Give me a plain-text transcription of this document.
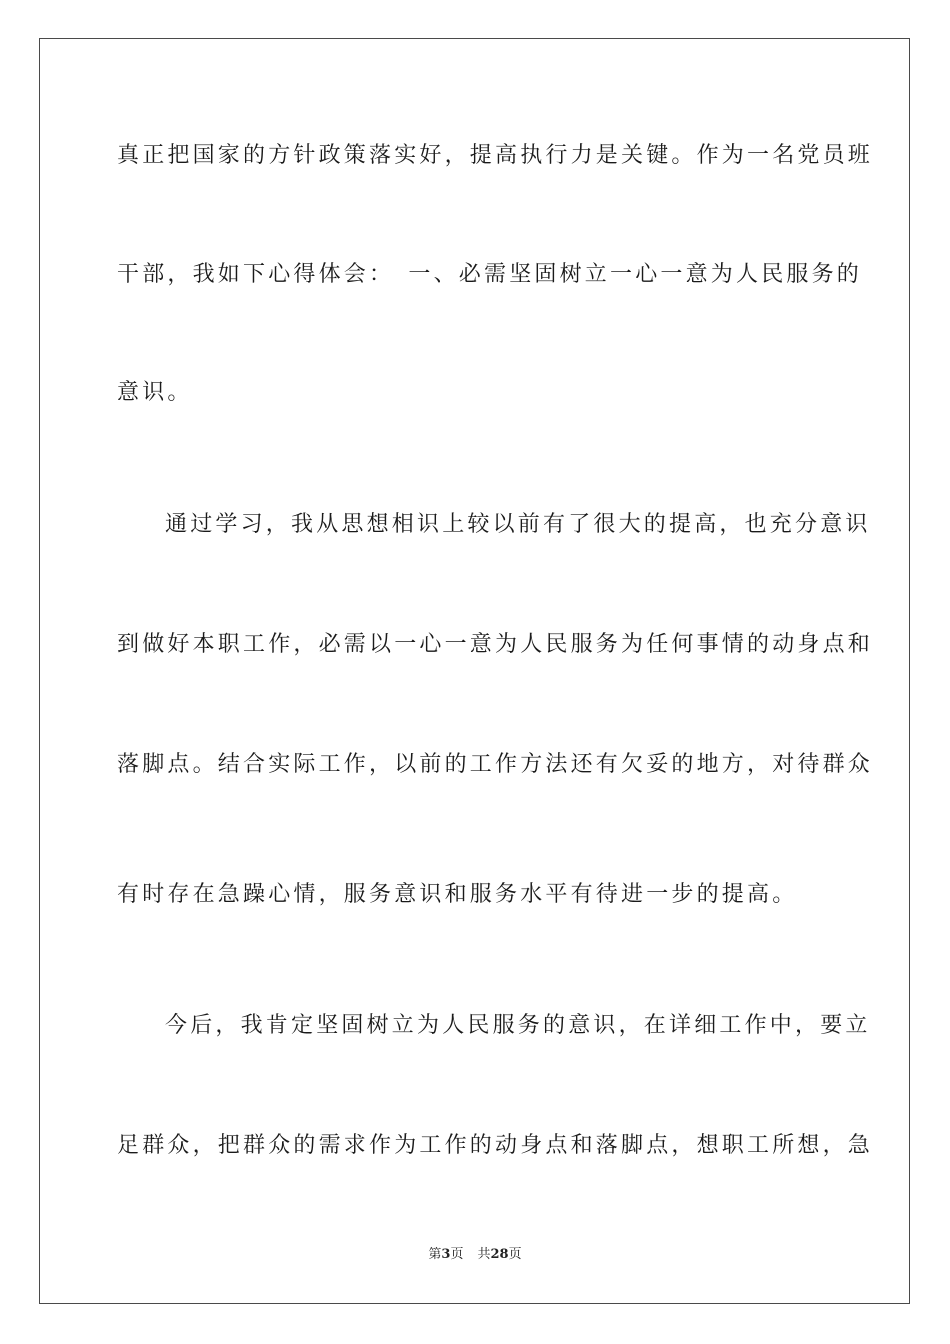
真正把国家的方针政策落实好，提高执行力是关键。作为一名党员班
干部，我如下心得体会：　一、必需坚固树立一心一意为人民服务的
意识。
通过学习，我从思想相识上较以前有了很大的提高，也充分意识
到做好本职工作，必需以一心一意为人民服务为任何事情的动身点和
落脚点。结合实际工作，以前的工作方法还有欠妥的地方，对待群众
有时存在急躁心情，服务意识和服务水平有待进一步的提高。
今后，我肯定坚固树立为人民服务的意识，在详细工作中，要立
足群众，把群众的需求作为工作的动身点和落脚点，想职工所想，急
第3页 共28页
